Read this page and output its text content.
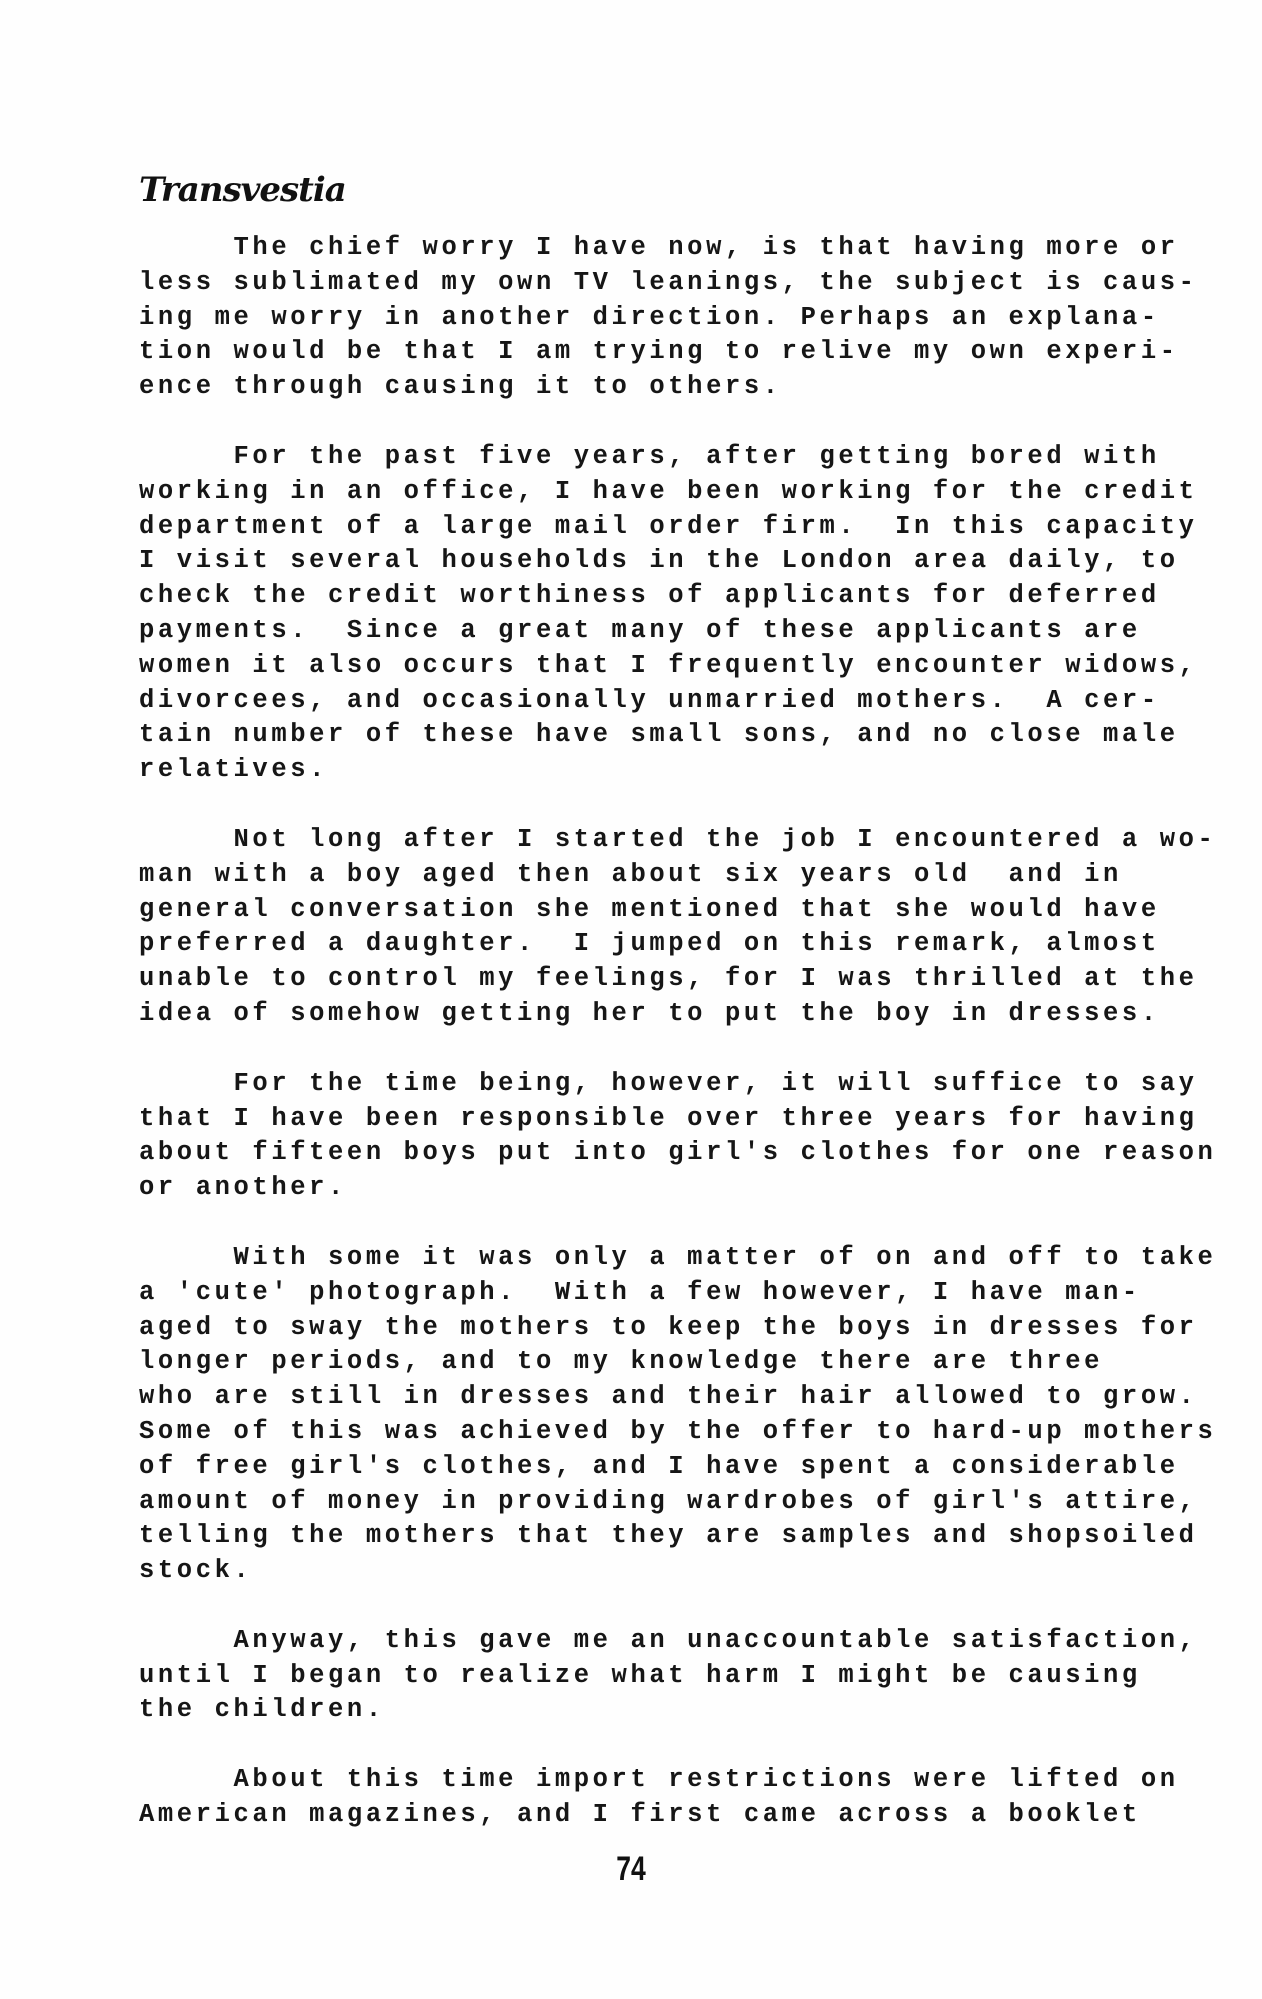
Transvestia
The chief worry I have now, is that having more or
less sublimated my own TV leanings, the subject is caus-
ing me worry in another direction. Perhaps an explana-
tion would be that I am trying to relive my own experi-
ence through causing it to others.
For the past five years, after getting bored with
working in an office, I have been working for the credit
department of a large mail order firm.  In this capacity
I visit several households in the London area daily, to
check the credit worthiness of applicants for deferred
payments.  Since a great many of these applicants are
women it also occurs that I frequently encounter widows,
divorcees, and occasionally unmarried mothers.  A cer-
tain number of these have small sons, and no close male
relatives.
Not long after I started the job I encountered a wo-
man with a boy aged then about six years old  and in
general conversation she mentioned that she would have
preferred a daughter.  I jumped on this remark, almost
unable to control my feelings, for I was thrilled at the
idea of somehow getting her to put the boy in dresses.
For the time being, however, it will suffice to say
that I have been responsible over three years for having
about fifteen boys put into girl's clothes for one reason
or another.
With some it was only a matter of on and off to take
a 'cute' photograph.  With a few however, I have man-
aged to sway the mothers to keep the boys in dresses for
longer periods, and to my knowledge there are three
who are still in dresses and their hair allowed to grow.
Some of this was achieved by the offer to hard-up mothers
of free girl's clothes, and I have spent a considerable
amount of money in providing wardrobes of girl's attire,
telling the mothers that they are samples and shopsoiled
stock.
Anyway, this gave me an unaccountable satisfaction,
until I began to realize what harm I might be causing
the children.
About this time import restrictions were lifted on
American magazines, and I first came across a booklet
74
